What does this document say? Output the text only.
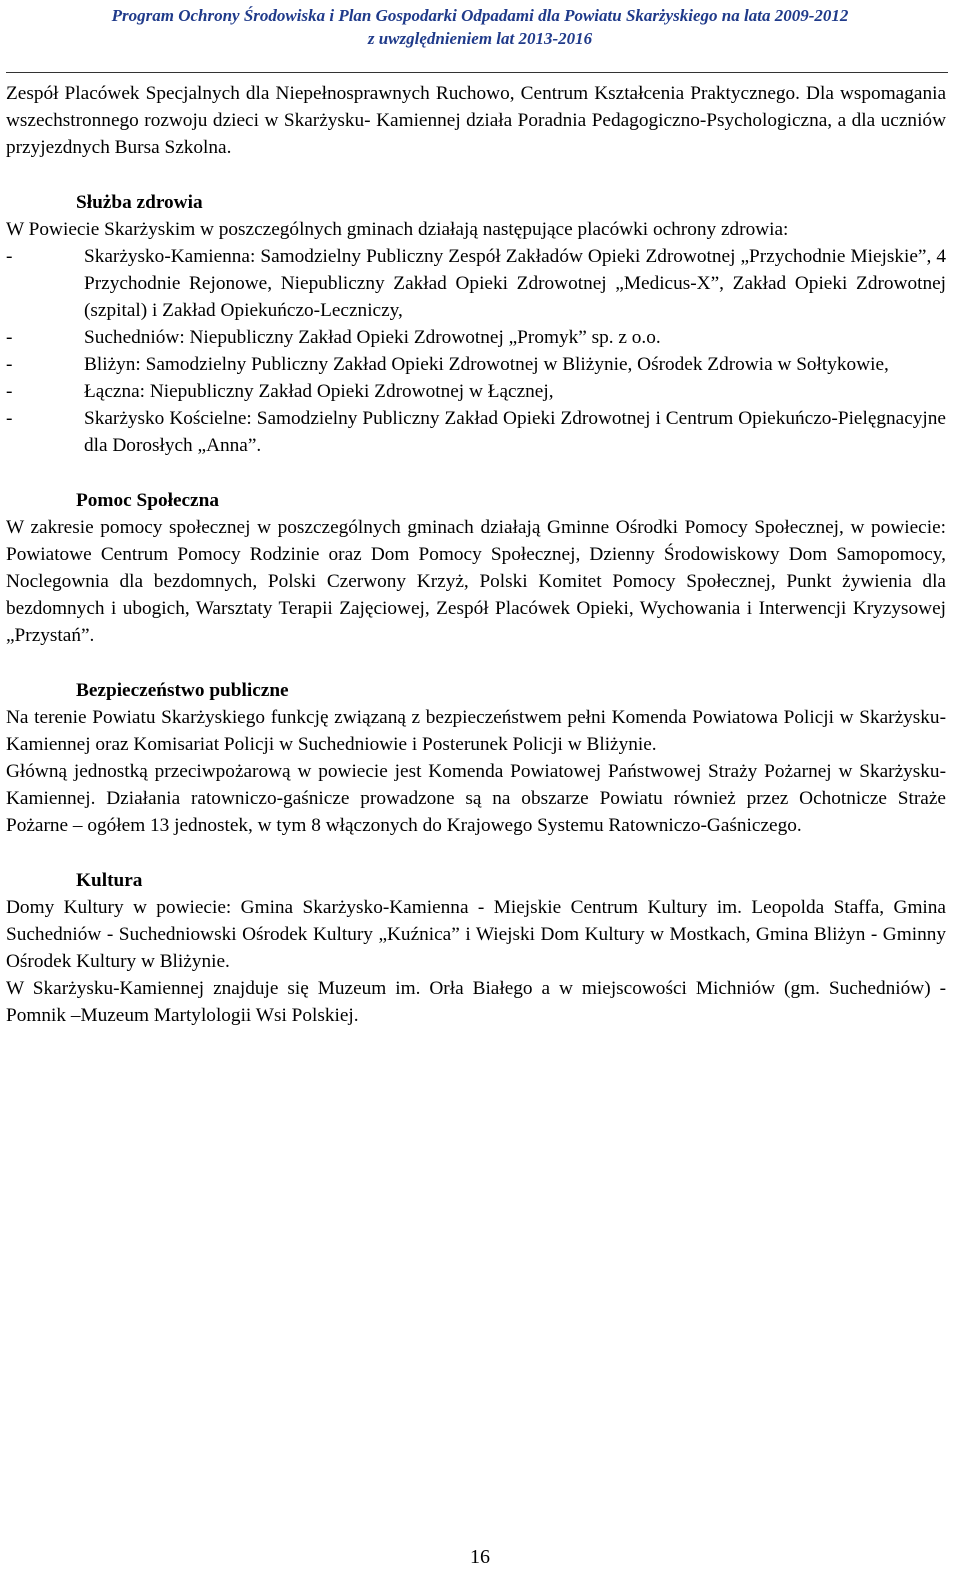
Program Ochrony Środowiska i Plan Gospodarki Odpadami dla Powiatu Skarżyskiego na lata 2009-2012
z uwzględnieniem lat 2013-2016

Zespół Placówek Specjalnych dla Niepełnosprawnych Ruchowo, Centrum Kształcenia Praktycznego. Dla wspomagania wszechstronnego rozwoju dzieci w Skarżysku- Kamiennej działa Poradnia Pedagogiczno-Psychologiczna, a dla uczniów przyjezdnych Bursa Szkolna.

Służba zdrowia

W Powiecie Skarżyskim w poszczególnych gminach działają następujące placówki ochrony zdrowia:

-	Skarżysko-Kamienna: Samodzielny Publiczny Zespół Zakładów Opieki Zdrowotnej „Przychodnie Miejskie”, 4 Przychodnie Rejonowe, Niepubliczny Zakład Opieki Zdrowotnej „Medicus-X”, Zakład Opieki Zdrowotnej (szpital) i Zakład Opiekuńczo-Leczniczy,
-	Suchedniów: Niepubliczny Zakład Opieki Zdrowotnej „Promyk” sp. z o.o.
-	Bliżyn: Samodzielny Publiczny Zakład Opieki Zdrowotnej w Bliżynie, Ośrodek Zdrowia w Sołtykowie,
-	Łączna: Niepubliczny Zakład Opieki Zdrowotnej w Łącznej,
-	Skarżysko Kościelne: Samodzielny Publiczny Zakład Opieki Zdrowotnej i Centrum Opiekuńczo-Pielęgnacyjne dla Dorosłych „Anna”.
Pomoc Społeczna

W zakresie pomocy społecznej w poszczególnych gminach działają Gminne Ośrodki Pomocy Społecznej, w powiecie: Powiatowe Centrum Pomocy Rodzinie oraz Dom Pomocy Społecznej, Dzienny Środowiskowy Dom Samopomocy, Noclegownia dla bezdomnych, Polski Czerwony Krzyż, Polski Komitet Pomocy Społecznej, Punkt żywienia dla bezdomnych i ubogich, Warsztaty Terapii Zajęciowej, Zespół Placówek Opieki, Wychowania i Interwencji Kryzysowej „Przystań”.

Bezpieczeństwo publiczne

Na terenie Powiatu Skarżyskiego funkcję związaną z bezpieczeństwem pełni Komenda Powiatowa Policji w Skarżysku-Kamiennej oraz Komisariat Policji w Suchedniowie i Posterunek Policji w Bliżynie.

Główną jednostką przeciwpożarową w powiecie jest Komenda Powiatowej Państwowej Straży Pożarnej w Skarżysku-Kamiennej. Działania ratowniczo-gaśnicze prowadzone są na obszarze Powiatu również przez Ochotnicze Straże Pożarne – ogółem 13 jednostek, w tym 8 włączonych do Krajowego Systemu Ratowniczo-Gaśniczego.

Kultura

Domy Kultury w powiecie: Gmina Skarżysko-Kamienna - Miejskie Centrum Kultury im. Leopolda Staffa, Gmina Suchedniów - Suchedniowski Ośrodek Kultury „Kuźnica” i Wiejski Dom Kultury w Mostkach, Gmina Bliżyn - Gminny Ośrodek Kultury w Bliżynie.

W Skarżysku-Kamiennej znajduje się Muzeum im. Orła Białego a w miejscowości Michniów (gm. Suchedniów) - Pomnik –Muzeum Martylologii Wsi Polskiej.

16
